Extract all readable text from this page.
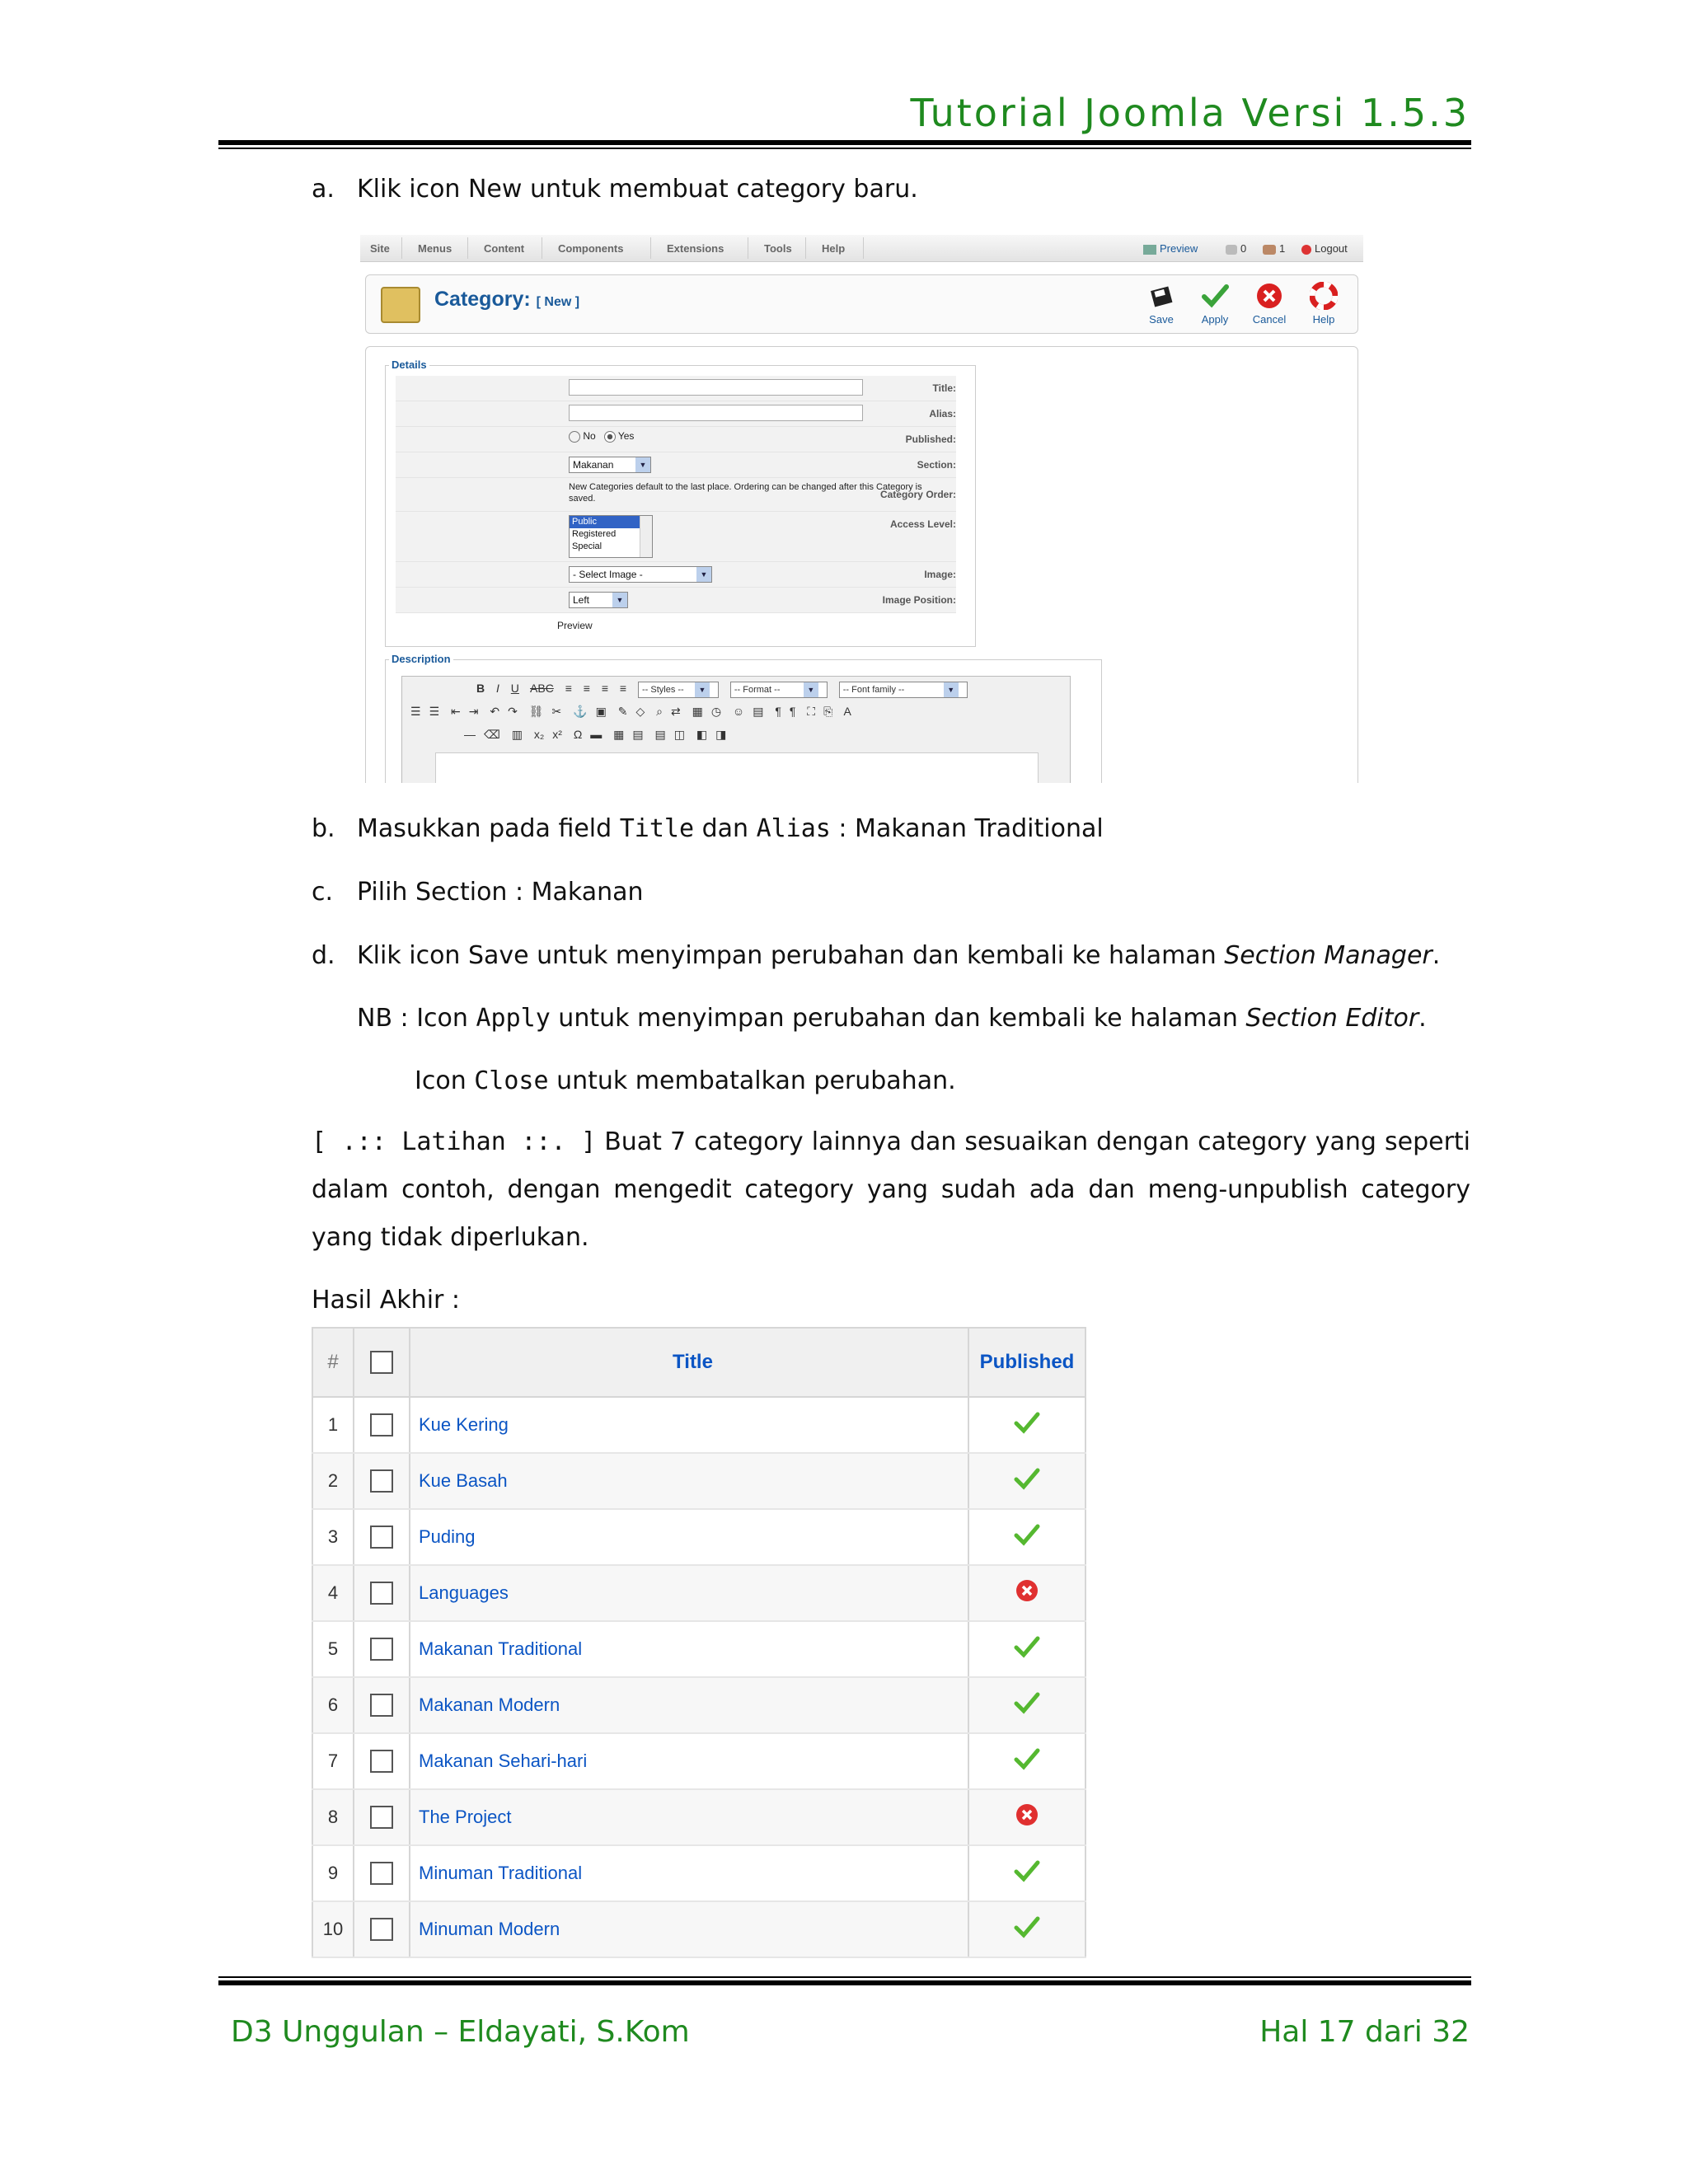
Tutorial Joomla Versi 1.5.3
a. Klik icon New untuk membuat category baru.
Site	Menus	Content	Components	Extensions	Tools	Help	Preview	0	1	Logout
Category: [ New ]
Save	Apply	Cancel	Help
Details
Title:
Alias:
Published:
No Yes
Section:
Makanan	▼
Category Order:
New Categories default to the last place. Ordering can be changed after this Category is saved.
Access Level:
Public
Registered
Special
Image:
- Select Image -	▼
Image Position:
Left	▼
Preview
Description
B I U ABC ≡ ≡ ≡ ≡ -- Styles --	▼	-- Format --	▼	-- Font family --	▼
☰ ☰ ⇤ ⇥ ↶ ↷ ⛓ ✂ ⚓ ▣ ✎ ◇ ⌕ ⇄ ▦ ◷ ☺ ▤ ¶ ¶ ⛶ ⎘ A
— ⌫ ▥ x₂ x² Ω ▬ ▦ ▤ ▤ ◫ ◧ ◨
b. Masukkan pada field Title dan Alias : Makanan Traditional
c. Pilih Section : Makanan
d. Klik icon Save untuk menyimpan perubahan dan kembali ke halaman Section Manager.
NB : Icon Apply untuk menyimpan perubahan dan kembali ke halaman Section Editor.
Icon Close untuk membatalkan perubahan.
[ .:: Latihan ::. ] Buat 7 category lainnya dan sesuaikan dengan category yang seperti dalam contoh, dengan mengedit category yang sudah ada dan meng-unpublish category yang tidak diperlukan.
Hasil Akhir :
#		Title	Published
1		Kue Kering	
2		Kue Basah	
3		Puding	
4		Languages	
5		Makanan Traditional	
6		Makanan Modern	
7		Makanan Sehari-hari	
8		The Project	
9		Minuman Traditional	
10		Minuman Modern	
D3 Unggulan – Eldayati, S.Kom	Hal 17 dari 32
